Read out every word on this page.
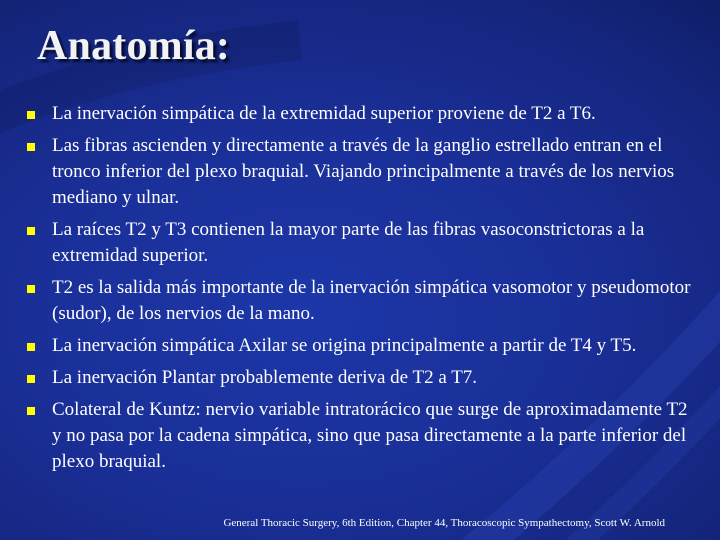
Anatomía:
La inervación simpática de la extremidad superior proviene de T2 a T6.
Las fibras ascienden y directamente a través de la ganglio estrellado entran en el tronco inferior del plexo braquial. Viajando principalmente a través de los nervios mediano y ulnar.
La raíces T2 y T3 contienen la mayor parte de las fibras vasoconstrictoras a la extremidad superior.
T2 es la salida más importante de la inervación simpática vasomotor y pseudomotor (sudor), de los nervios de la mano.
La inervación simpática Axilar se origina principalmente a partir de T4 y T5.
La inervación Plantar probablemente deriva de T2 a T7.
Colateral de Kuntz: nervio variable intratorácico que surge de aproximadamente T2 y no pasa por la cadena simpática, sino que pasa directamente a la parte inferior del plexo braquial.

General Thoracic Surgery, 6th Edition, Chapter 44, Thoracoscopic Sympathectomy, Scott W. Arnold
